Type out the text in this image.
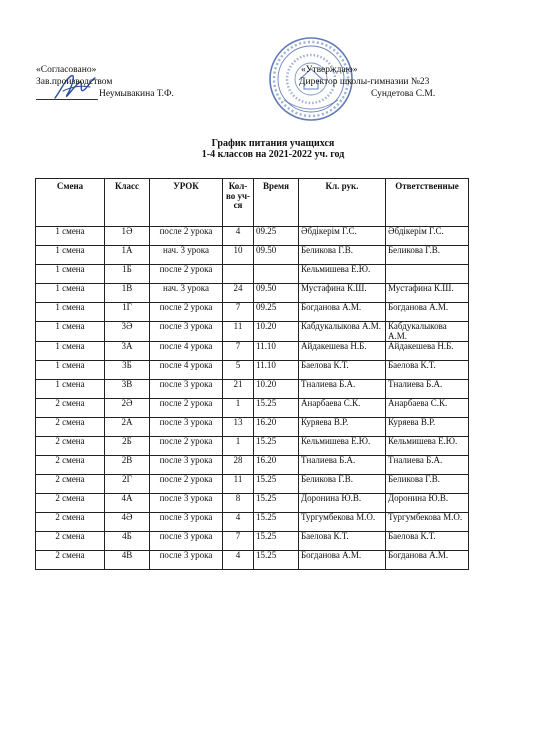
«Согласовано»
Зав.производством
Неумывакина Т.Ф.
«Утверждаю»
Директор школы-гимназии №23
Сундетова С.М.
График питания учащихся
1-4 классов на 2021-2022 уч. год
Смена	Класс	УРОК	Кол-во уч-ся	Время	Кл. рук.	Ответственные
1 смена	1Ә	после 2 урока	4	09.25	Әбдікерім Г.С.	Әбдікерім Г.С.
1 смена	1А	нач. 3 урока	10	09.50	Беликова Г.В.	Беликова Г.В.
1 смена	1Б	после 2 урока			Кельмишева Е.Ю.	
1 смена	1В	нач. 3 урока	24	09.50	Мустафина К.Ш.	Мустафина К.Ш.
1 смена	1Г	после 2 урока	7	09.25	Богданова А.М.	Богданова А.М.
1 смена	3Ә	после 3 урока	11	10.20	Кабдукалыкова А.М.	Кабдукалыкова А.М.
1 смена	3А	после 4 урока	7	11.10	Айдакешева Н.Б.	Айдакешева Н.Б.
1 смена	3Б	после 4 урока	5	11.10	Баелова К.Т.	Баелова К.Т.
1 смена	3В	после 3 урока	21	10.20	Тналиева Б.А.	Тналиева Б.А.
2 смена	2Ә	после 2 урока	1	15.25	Анарбаева С.К.	Анарбаева С.К.
2 смена	2А	после 3 урока	13	16.20	Куряева В.Р.	Куряева В.Р.
2 смена	2Б	после 2 урока	1	15.25	Кельмишева Е.Ю.	Кельмишева Е.Ю.
2 смена	2В	после 3 урока	28	16.20	Тналиева Б.А.	Тналиева Б.А.
2 смена	2Г	после 2 урока	11	15.25	Беликова Г.В.	Беликова Г.В.
2 смена	4А	после 3 урока	8	15.25	Доронина Ю.В.	Доронина Ю.В.
2 смена	4Ә	после 3 урока	4	15.25	Тургумбекова М.О.	Тургумбекова М.О.
2 смена	4Б	после 3 урока	7	15.25	Баелова К.Т.	Баелова К.Т.
2 смена	4В	после 3 урока	4	15.25	Богданова А.М.	Богданова А.М.
